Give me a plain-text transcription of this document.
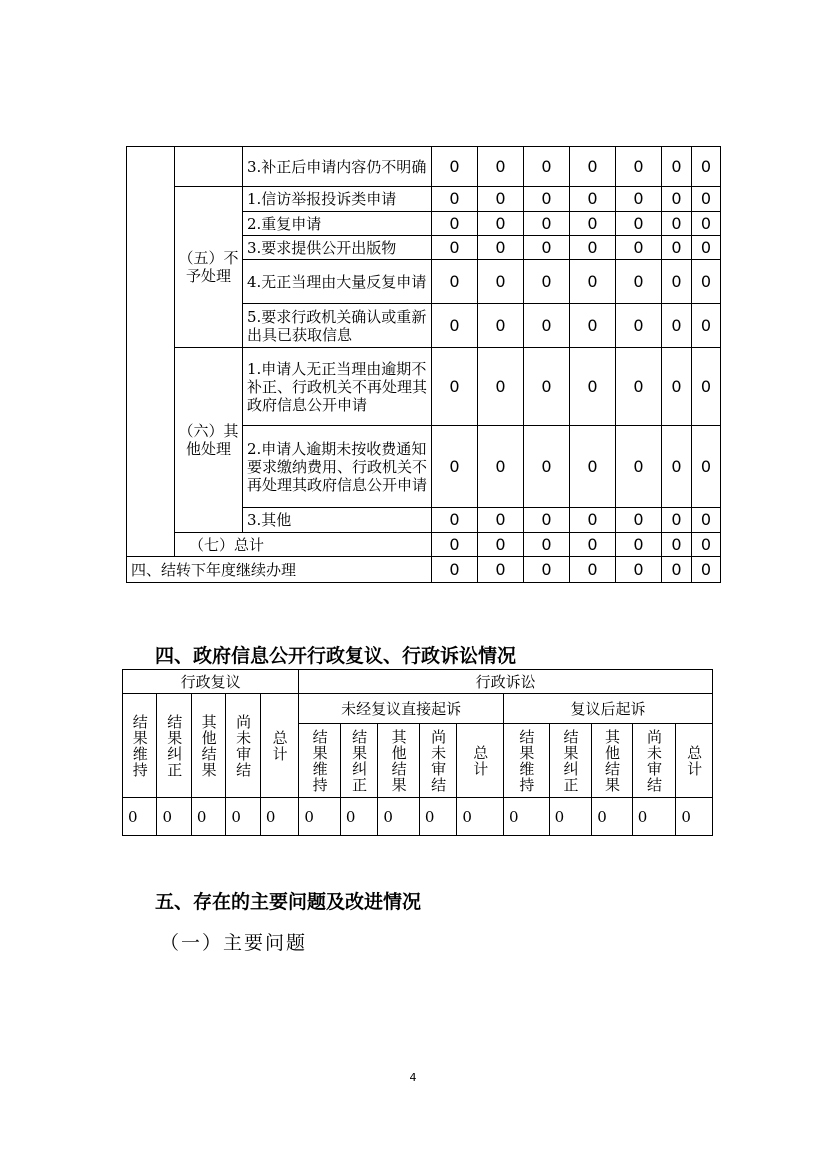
		3.补正后申请内容仍不明确	0	0	0	0	0	0	0
	（五）不予处理	1.信访举报投诉类申请	0	0	0	0	0	0	0
		2.重复申请	0	0	0	0	0	0	0
		3.要求提供公开出版物	0	0	0	0	0	0	0
		4.无正当理由大量反复申请	0	0	0	0	0	0	0
		5.要求行政机关确认或重新出具已获取信息	0	0	0	0	0	0	0
	（六）其他处理	1.申请人无正当理由逾期不补正、行政机关不再处理其政府信息公开申请	0	0	0	0	0	0	0
		2.申请人逾期未按收费通知要求缴纳费用、行政机关不再处理其政府信息公开申请	0	0	0	0	0	0	0
		3.其他	0	0	0	0	0	0	0
	（七）总计		0	0	0	0	0	0	0
四、结转下年度继续办理			0	0	0	0	0	0	0
四、政府信息公开行政复议、行政诉讼情况
行政复议					行政诉讼									
结果维持	结果纠正	其他结果	尚未审结	总计	未经复议直接起诉					复议后起诉				
					结果维持	结果纠正	其他结果	尚未审结	总计	结果维持	结果纠正	其他结果	尚未审结	总计
0	0	0	0	0	0	0	0	0	0	0	0	0	0	0
五、存在的主要问题及改进情况
（一）主要问题
4
